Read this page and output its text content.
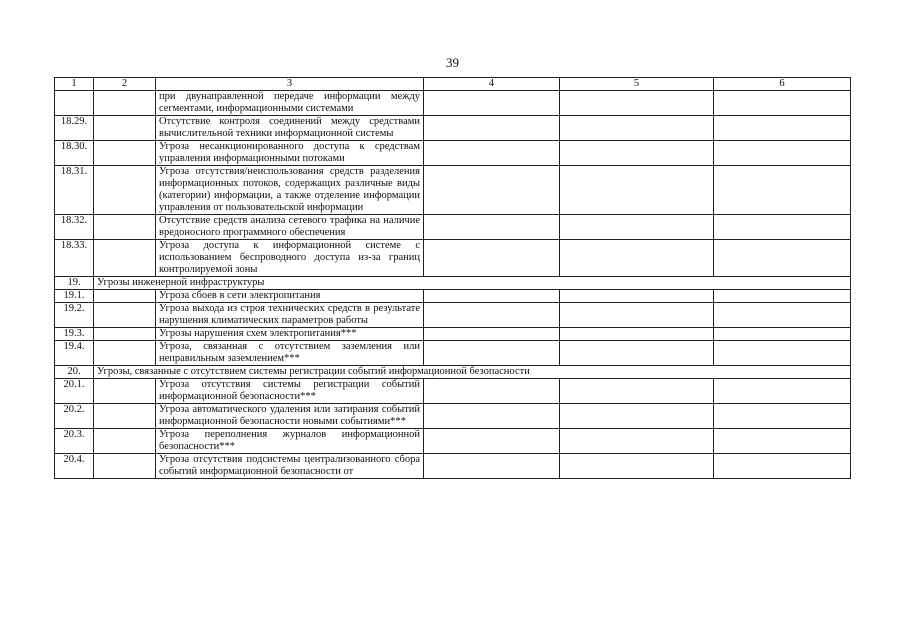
39
1	2	3	4	5	6
		при двунаправленной передаче информации между сегментами, информационными системами			
18.29.		Отсутствие контроля соединений между средствами вычислительной техники информационной системы			
18.30.		Угроза несанкционированного доступа к средствам управления информационными потоками			
18.31.		Угроза отсутствия/неиспользования средств разделения информационных потоков, содержащих различные виды (категории) информации, а также отделение информации управления от пользовательской информации			
18.32.		Отсутствие средств анализа сетевого трафика на наличие вредоносного программного обеспечения			
18.33.		Угроза доступа к информационной системе с использованием беспроводного доступа из-за границ контролируемой зоны			
19.	Угрозы инженерной инфраструктуры				
19.1.		Угроза сбоев в сети электропитания			
19.2.		Угроза выхода из строя технических средств в результате нарушения климатических параметров работы			
19.3.		Угрозы нарушения схем электропитания***			
19.4.		Угроза, связанная с отсутствием заземления или неправильным заземлением***			
20.	Угрозы, связанные с отсутствием системы регистрации событий информационной безопасности				
20.1.		Угроза отсутствия системы регистрации событий информационной безопасности***			
20.2.		Угроза автоматического удаления или затирания событий информационной безопасности новыми событиями***			
20.3.		Угроза переполнения журналов информационной безопасности***			
20.4.		Угроза отсутствия подсистемы централизованного сбора событий информационной безопасности от			
